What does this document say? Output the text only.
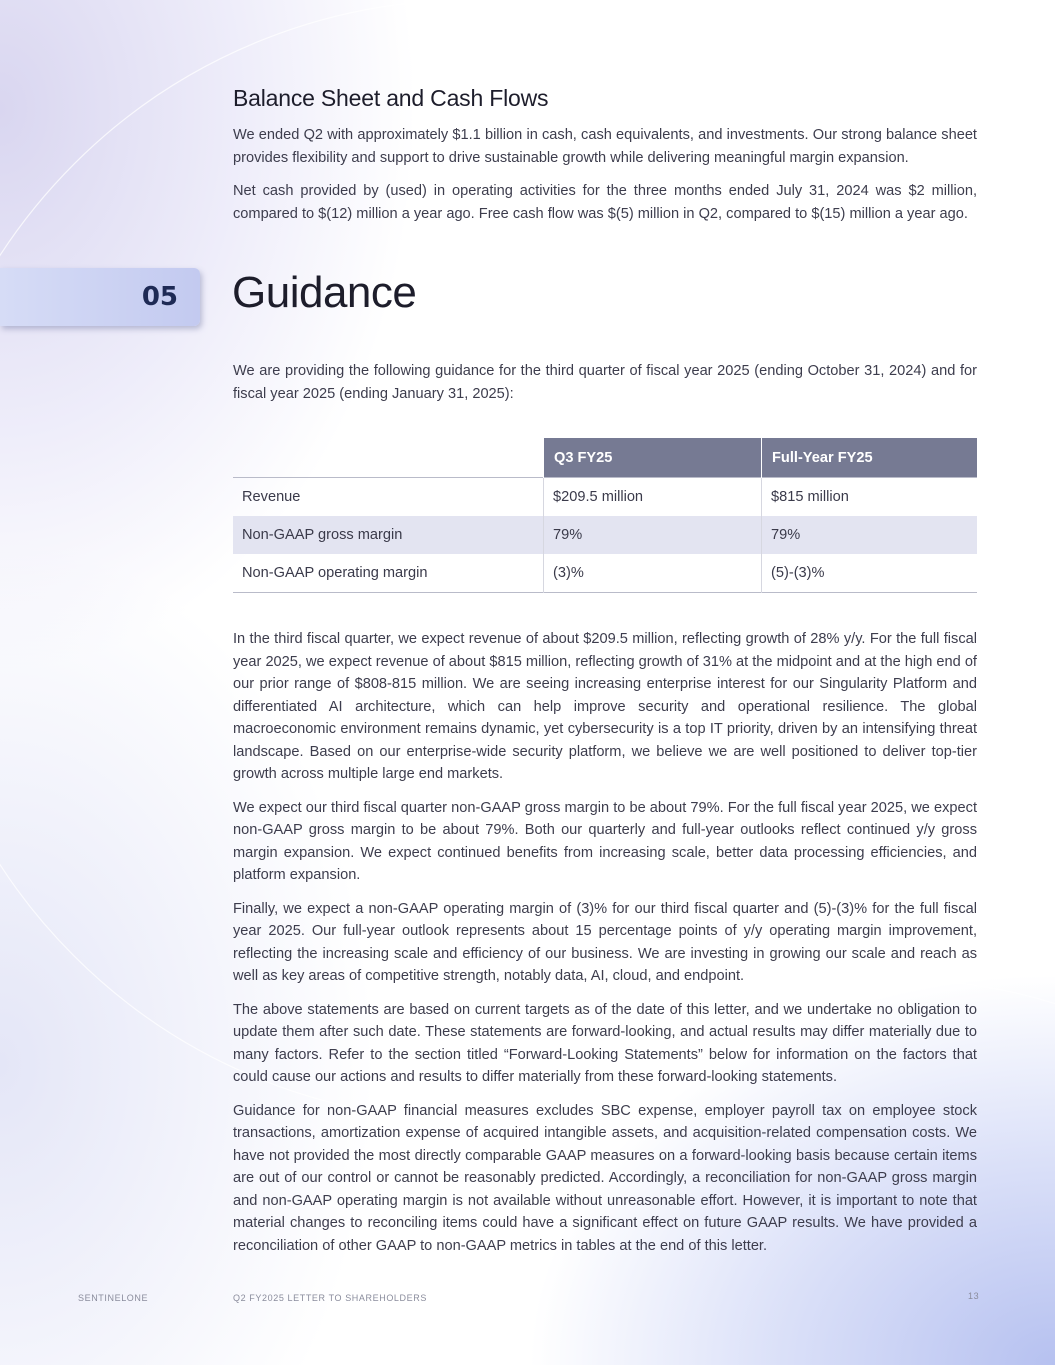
Balance Sheet and Cash Flows

We ended Q2 with approximately $1.1 billion in cash, cash equivalents, and investments. Our strong balance sheet provides flexibility and support to drive sustainable growth while delivering meaningful margin expansion.

Net cash provided by (used) in operating activities for the three months ended July 31, 2024 was $2 million, compared to $(12) million a year ago. Free cash flow was $(5) million in Q2, compared to $(15) million a year ago.

05 Guidance

We are providing the following guidance for the third quarter of fiscal year 2025 (ending October 31, 2024) and for fiscal year 2025 (ending January 31, 2025):

	Q3 FY25	Full-Year FY25
Revenue	$209.5 million	$815 million
Non-GAAP gross margin	79%	79%
Non-GAAP operating margin	(3)%	(5)-(3)%

In the third fiscal quarter, we expect revenue of about $209.5 million, reflecting growth of 28% y/y. For the full fiscal year 2025, we expect revenue of about $815 million, reflecting growth of 31% at the midpoint and at the high end of our prior range of $808-815 million. We are seeing increasing enterprise interest for our Singularity Platform and differentiated AI architecture, which can help improve security and operational resilience. The global macroeconomic environment remains dynamic, yet cybersecurity is a top IT priority, driven by an intensifying threat landscape. Based on our enterprise-wide security platform, we believe we are well positioned to deliver top-tier growth across multiple large end markets.

We expect our third fiscal quarter non-GAAP gross margin to be about 79%. For the full fiscal year 2025, we expect non-GAAP gross margin to be about 79%. Both our quarterly and full-year outlooks reflect continued y/y gross margin expansion. We expect continued benefits from increasing scale, better data processing efficiencies, and platform expansion.

Finally, we expect a non-GAAP operating margin of (3)% for our third fiscal quarter and (5)-(3)% for the full fiscal year 2025. Our full-year outlook represents about 15 percentage points of y/y operating margin improvement, reflecting the increasing scale and efficiency of our business. We are investing in growing our scale and reach as well as key areas of competitive strength, notably data, AI, cloud, and endpoint.

The above statements are based on current targets as of the date of this letter, and we undertake no obligation to update them after such date. These statements are forward-looking, and actual results may differ materially due to many factors. Refer to the section titled “Forward-Looking Statements” below for information on the factors that could cause our actions and results to differ materially from these forward-looking statements.

Guidance for non-GAAP financial measures excludes SBC expense, employer payroll tax on employee stock transactions, amortization expense of acquired intangible assets, and acquisition-related compensation costs. We have not provided the most directly comparable GAAP measures on a forward-looking basis because certain items are out of our control or cannot be reasonably predicted. Accordingly, a reconciliation for non-GAAP gross margin and non-GAAP operating margin is not available without unreasonable effort. However, it is important to note that material changes to reconciling items could have a significant effect on future GAAP results. We have provided a reconciliation of other GAAP to non-GAAP metrics in tables at the end of this letter.

SENTINELONE	Q2 FY2025 LETTER TO SHAREHOLDERS	13
